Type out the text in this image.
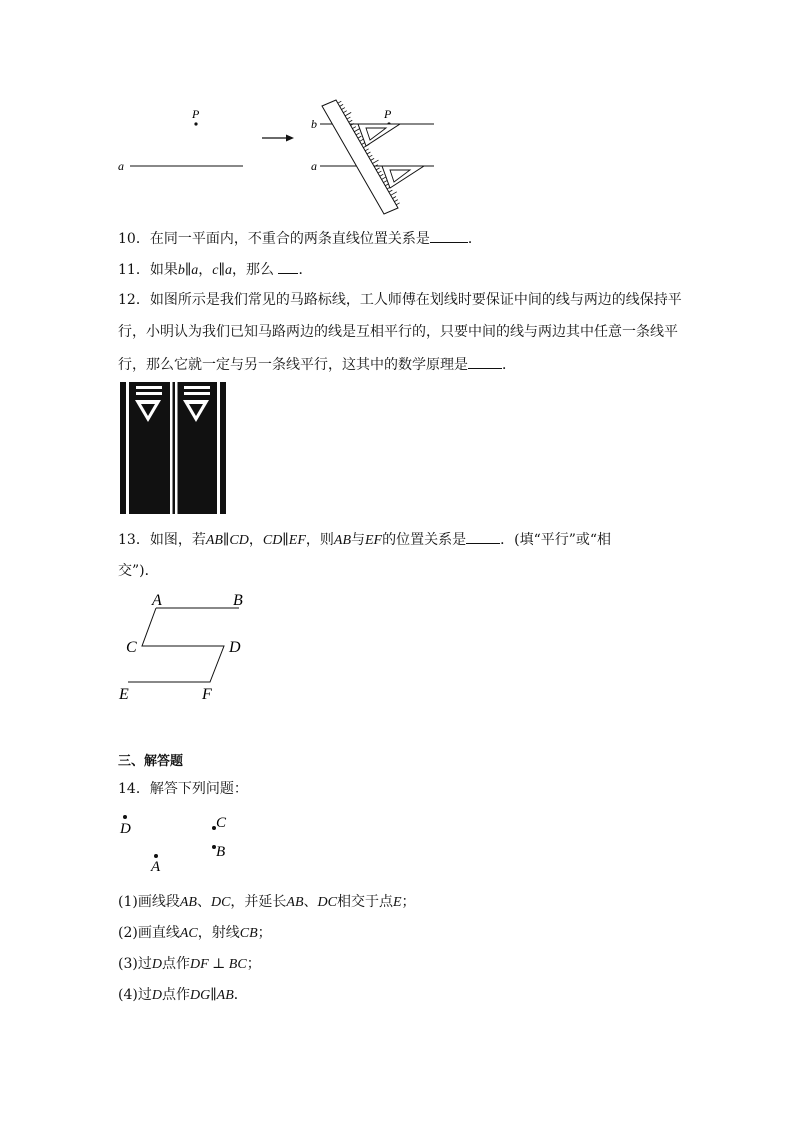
P
a
b
a
P
10．在同一平面内，不重合的两条直线位置关系是	．
11．如果b∥a，c∥a，那么 ．
12．如图所示是我们常见的马路标线，工人师傅在划线时要保证中间的线与两边的线保持平
行，小明认为我们已知马路两边的线是互相平行的，只要中间的线与两边其中任意一条线平
行，那么它就一定与另一条线平行，这其中的数学原理是 ．
13．如图，若AB∥CD，CD∥EF，则AB与EF的位置关系是 ．(填“平行”或“相
交”)．
A	B
C	D
E	F
三、解答题
14．解答下列问题：
D	C
B
A
(1)画线段AB、DC，并延长AB、DC相交于点E；
(2)画直线AC，射线CB；
(3)过D点作DF ⊥ BC；
(4)过D点作DG∥AB．
